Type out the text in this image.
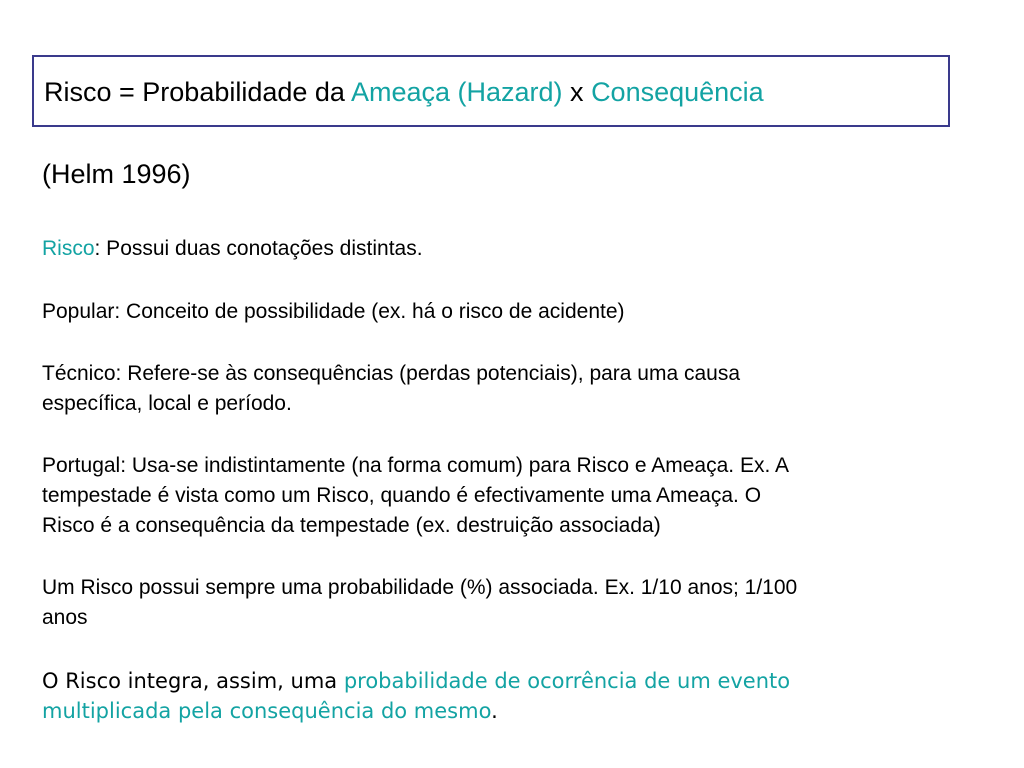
Risco = Probabilidade da Ameaça (Hazard) x Consequência
(Helm 1996)
Risco: Possui duas conotações distintas.
Popular: Conceito de possibilidade (ex. há o risco de acidente)
Técnico: Refere-se às consequências (perdas potenciais), para uma causa
específica, local e período.
Portugal: Usa-se indistintamente (na forma comum) para Risco e Ameaça. Ex. A
tempestade é vista como um Risco, quando é efectivamente uma Ameaça. O
Risco é a consequência da tempestade (ex. destruição associada)
Um Risco possui sempre uma probabilidade (%) associada. Ex. 1/10 anos; 1/100
anos
O Risco integra, assim, uma probabilidade de ocorrência de um evento
multiplicada pela consequência do mesmo.
